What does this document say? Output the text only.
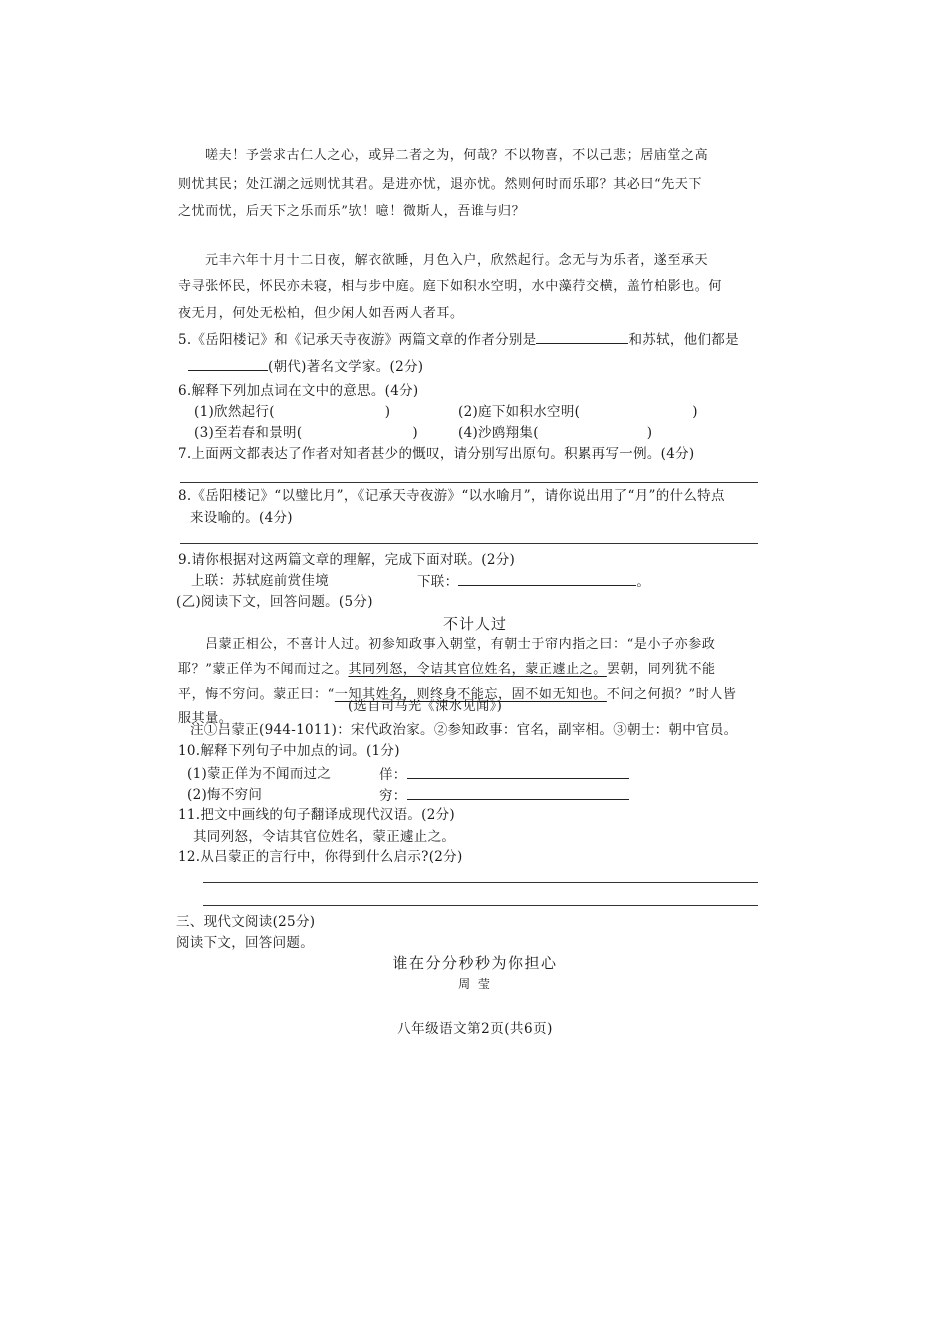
嗟夫！予尝求古仁人之心，或异二者之为，何哉？不以物喜，不以己悲；居庙堂之高
则忧其民；处江湖之远则忧其君。是进亦忧，退亦忧。然则何时而乐耶？其必曰“先天下
之忧而忧，后天下之乐而乐”欤！噫！微斯人，吾谁与归？
元丰六年十月十二日夜，解衣欲睡，月色入户，欣然起行。念无与为乐者，遂至承天
寺寻张怀民，怀民亦未寝，相与步中庭。庭下如积水空明，水中藻荇交横，盖竹柏影也。何
夜无月，何处无松柏，但少闲人如吾两人者耳。
5.《岳阳楼记》和《记承天寺夜游》两篇文章的作者分别是	和苏轼，他们都是
(朝代)著名文学家。(2分)
6.解释下列加点词在文中的意思。(4分)
(1)欣然起行(	)	(2)庭下如积水空明(	)
(3)至若春和景明(	)	(4)沙鸥翔集(	)
7.上面两文都表达了作者对知者甚少的慨叹，请分别写出原句。积累再写一例。(4分)
8.《岳阳楼记》“以璧比月”，《记承天寺夜游》“以水喻月”，请你说出用了“月”的什么特点
来设喻的。(4分)
9.请你根据对这两篇文章的理解，完成下面对联。(2分)
上联：苏轼庭前赏佳境	下联：	。
(乙)阅读下文，回答问题。(5分)
不计人过
吕蒙正相公，不喜计人过。初参知政事入朝堂，有朝士于帘内指之曰：“是小子亦参政
耶？”蒙正佯为不闻而过之。其同列怒，令诘其官位姓名，蒙正遽止之。罢朝，同列犹不能
平，悔不穷问。蒙正曰：“一知其姓名，则终身不能忘，固不如无知也。不问之何损？”时人皆
服其量。
(选自司马光《涑水见闻》)
注①吕蒙正(944-1011)：宋代政治家。②参知政事：官名，副宰相。③朝士：朝中官员。
10.解释下列句子中加点的词。(1分)
(1)蒙正佯为不闻而过之	佯：
(2)悔不穷问	穷：
11.把文中画线的句子翻译成现代汉语。(2分)
其同列怒，令诘其官位姓名，蒙正遽止之。
12.从吕蒙正的言行中，你得到什么启示?(2分)
三、现代文阅读(25分)
阅读下文，回答问题。
谁在分分秒秒为你担心
周 莹
八年级语文第2页(共6页)
